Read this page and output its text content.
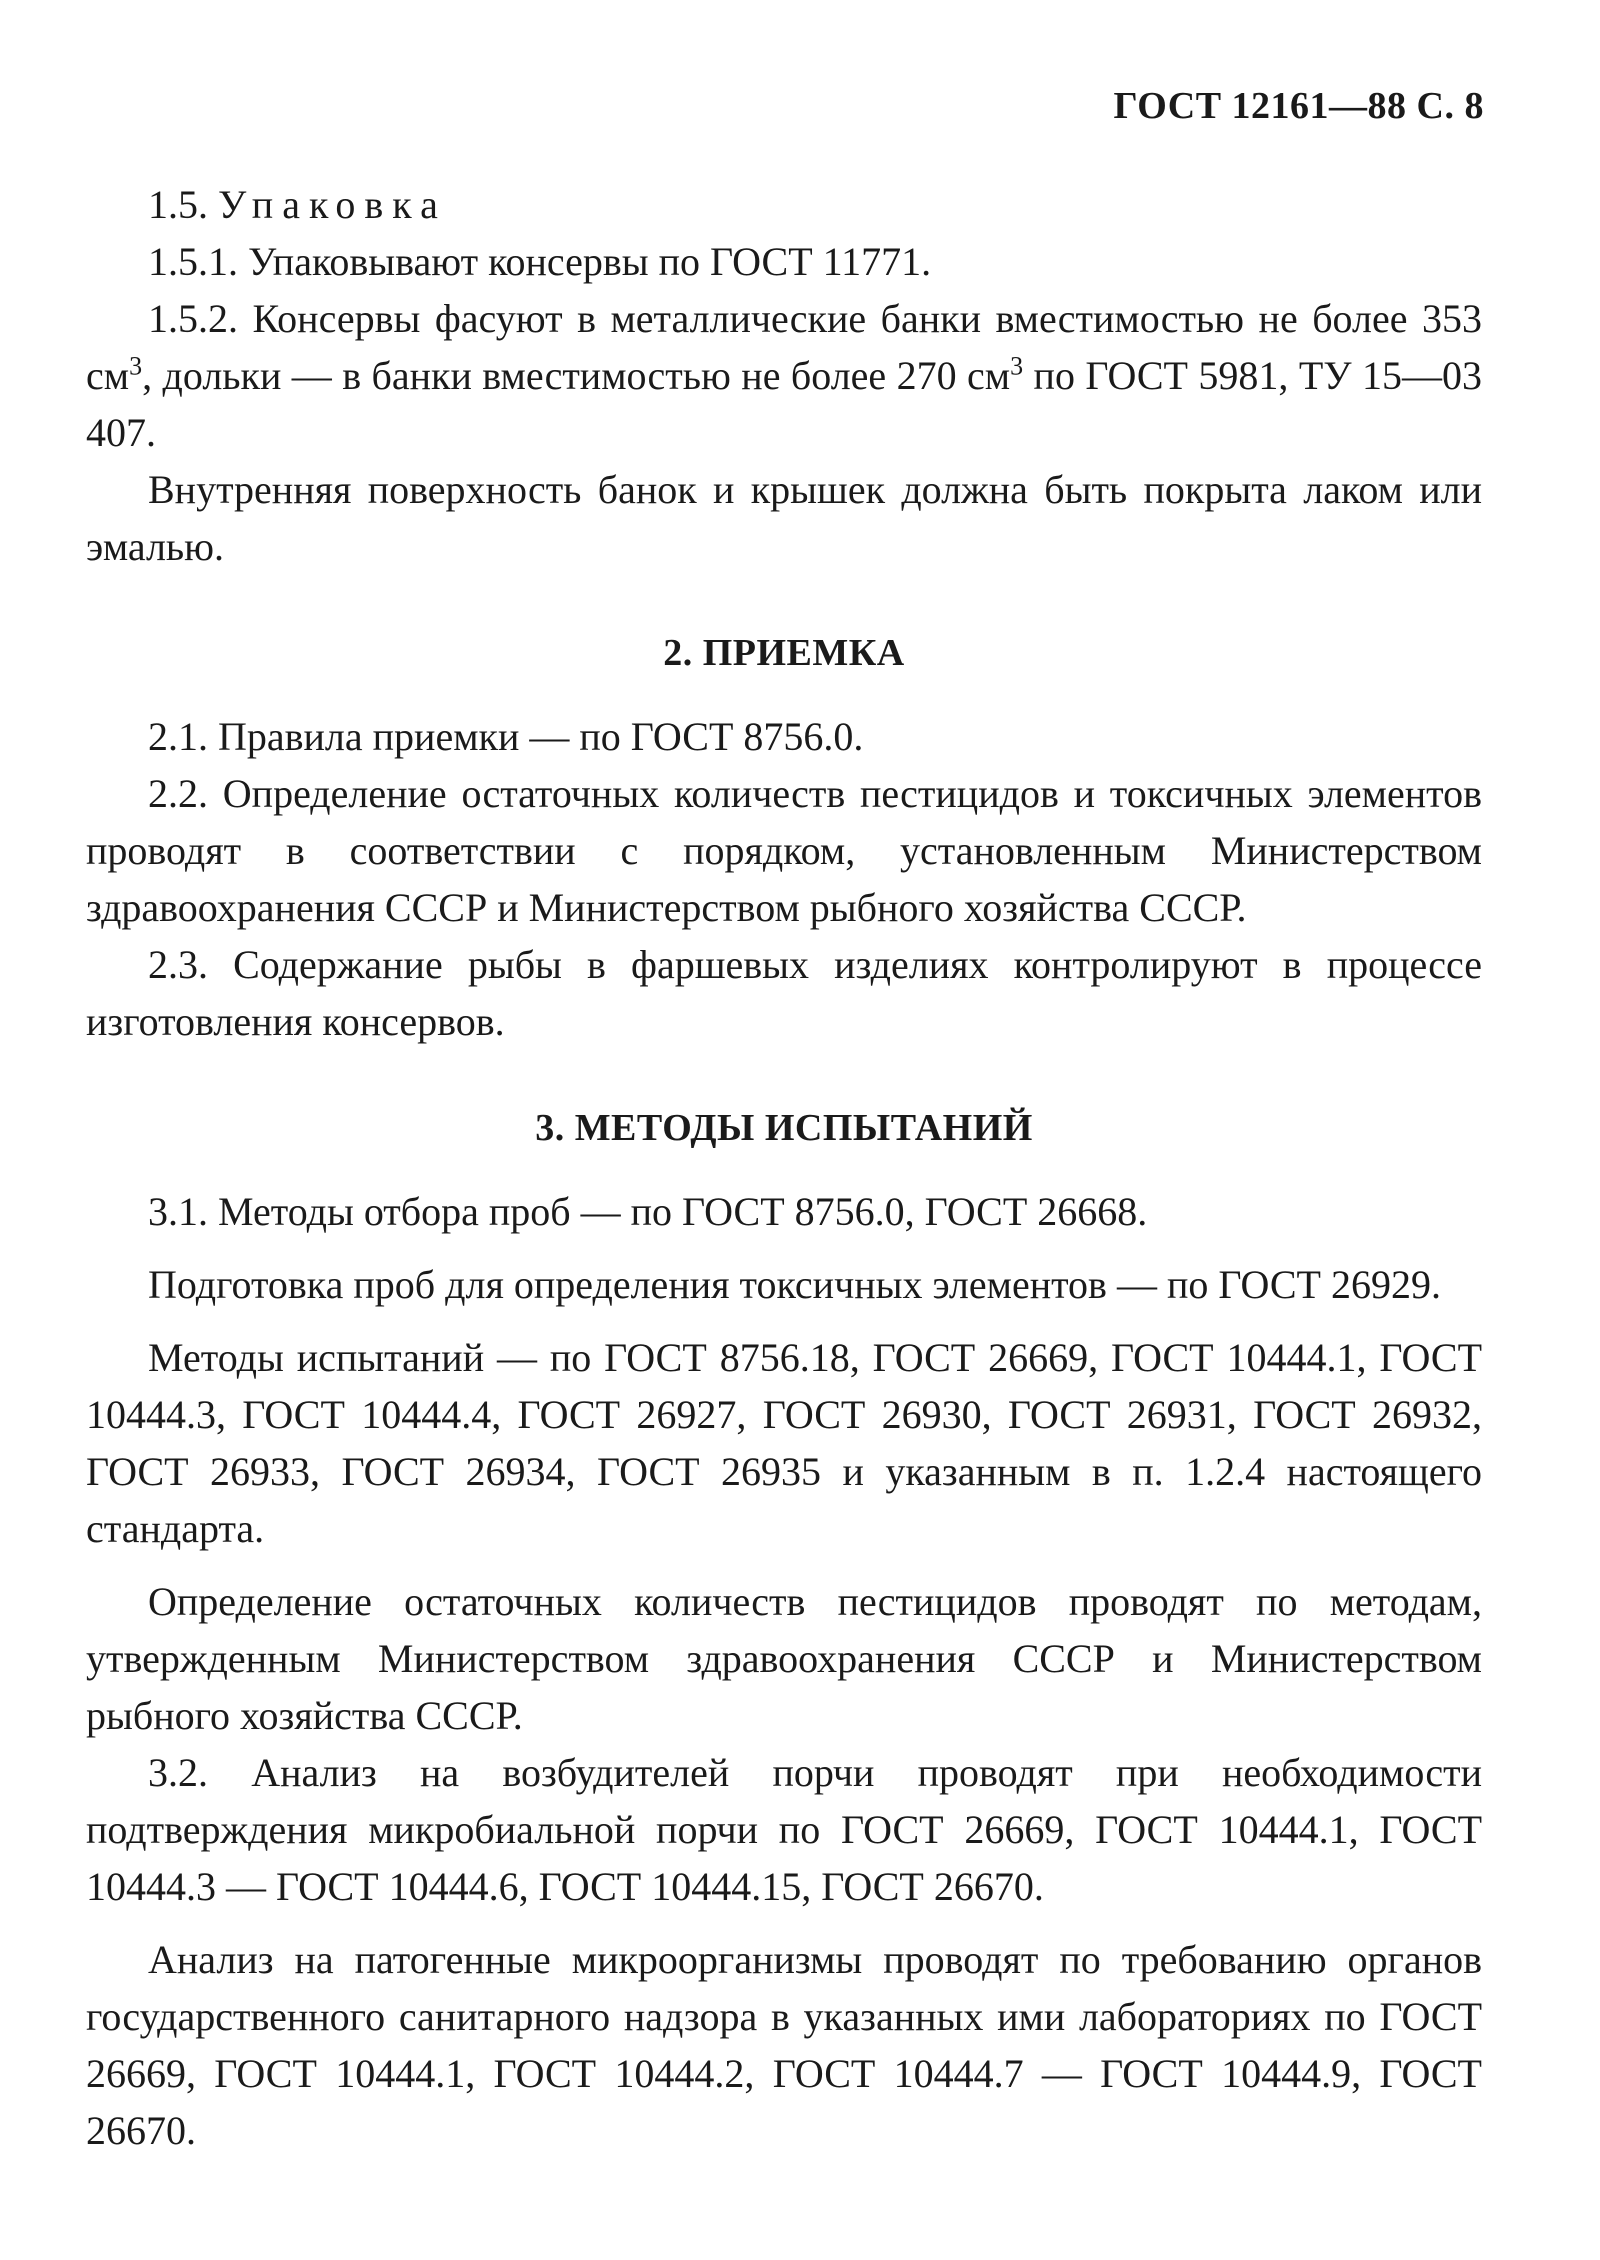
ГОСТ 12161—88 С. 8

1.5. Упаковка

1.5.1. Упаковывают консервы по ГОСТ 11771.

1.5.2. Консервы фасуют в металлические банки вместимостью не более 353 $см^3$, дольки — в банки вместимостью не более 270 $см^3$ по ГОСТ 5981, ТУ 15—03 407.

Внутренняя поверхность банок и крышек должна быть покрыта лаком или эмалью.

2. ПРИЕМКА

2.1. Правила приемки — по ГОСТ 8756.0.

2.2. Определение остаточных количеств пестицидов и токсичных элементов проводят в соответствии с порядком, установленным Министерством здравоохранения СССР и Министерством рыбного хозяйства СССР.

2.3. Содержание рыбы в фаршевых изделиях контролируют в процессе изготовления консервов.

3. МЕТОДЫ ИСПЫТАНИЙ

3.1. Методы отбора проб — по ГОСТ 8756.0, ГОСТ 26668.

Подготовка проб для определения токсичных элементов — по ГОСТ 26929.

Методы испытаний — по ГОСТ 8756.18, ГОСТ 26669, ГОСТ 10444.1, ГОСТ 10444.3, ГОСТ 10444.4, ГОСТ 26927, ГОСТ 26930, ГОСТ 26931, ГОСТ 26932, ГОСТ 26933, ГОСТ 26934, ГОСТ 26935 и указанным в п. 1.2.4 настоящего стандарта.

Определение остаточных количеств пестицидов проводят по методам, утвержденным Министерством здравоохранения СССР и Министерством рыбного хозяйства СССР.

3.2. Анализ на возбудителей порчи проводят при необходимости подтверждения микробиальной порчи по ГОСТ 26669, ГОСТ 10444.1, ГОСТ 10444.3 — ГОСТ 10444.6, ГОСТ 10444.15, ГОСТ 26670.

Анализ на патогенные микроорганизмы проводят по требованию органов государственного санитарного надзора в указанных ими лабораториях по ГОСТ 26669, ГОСТ 10444.1, ГОСТ 10444.2, ГОСТ 10444.7 — ГОСТ 10444.9, ГОСТ 26670.
